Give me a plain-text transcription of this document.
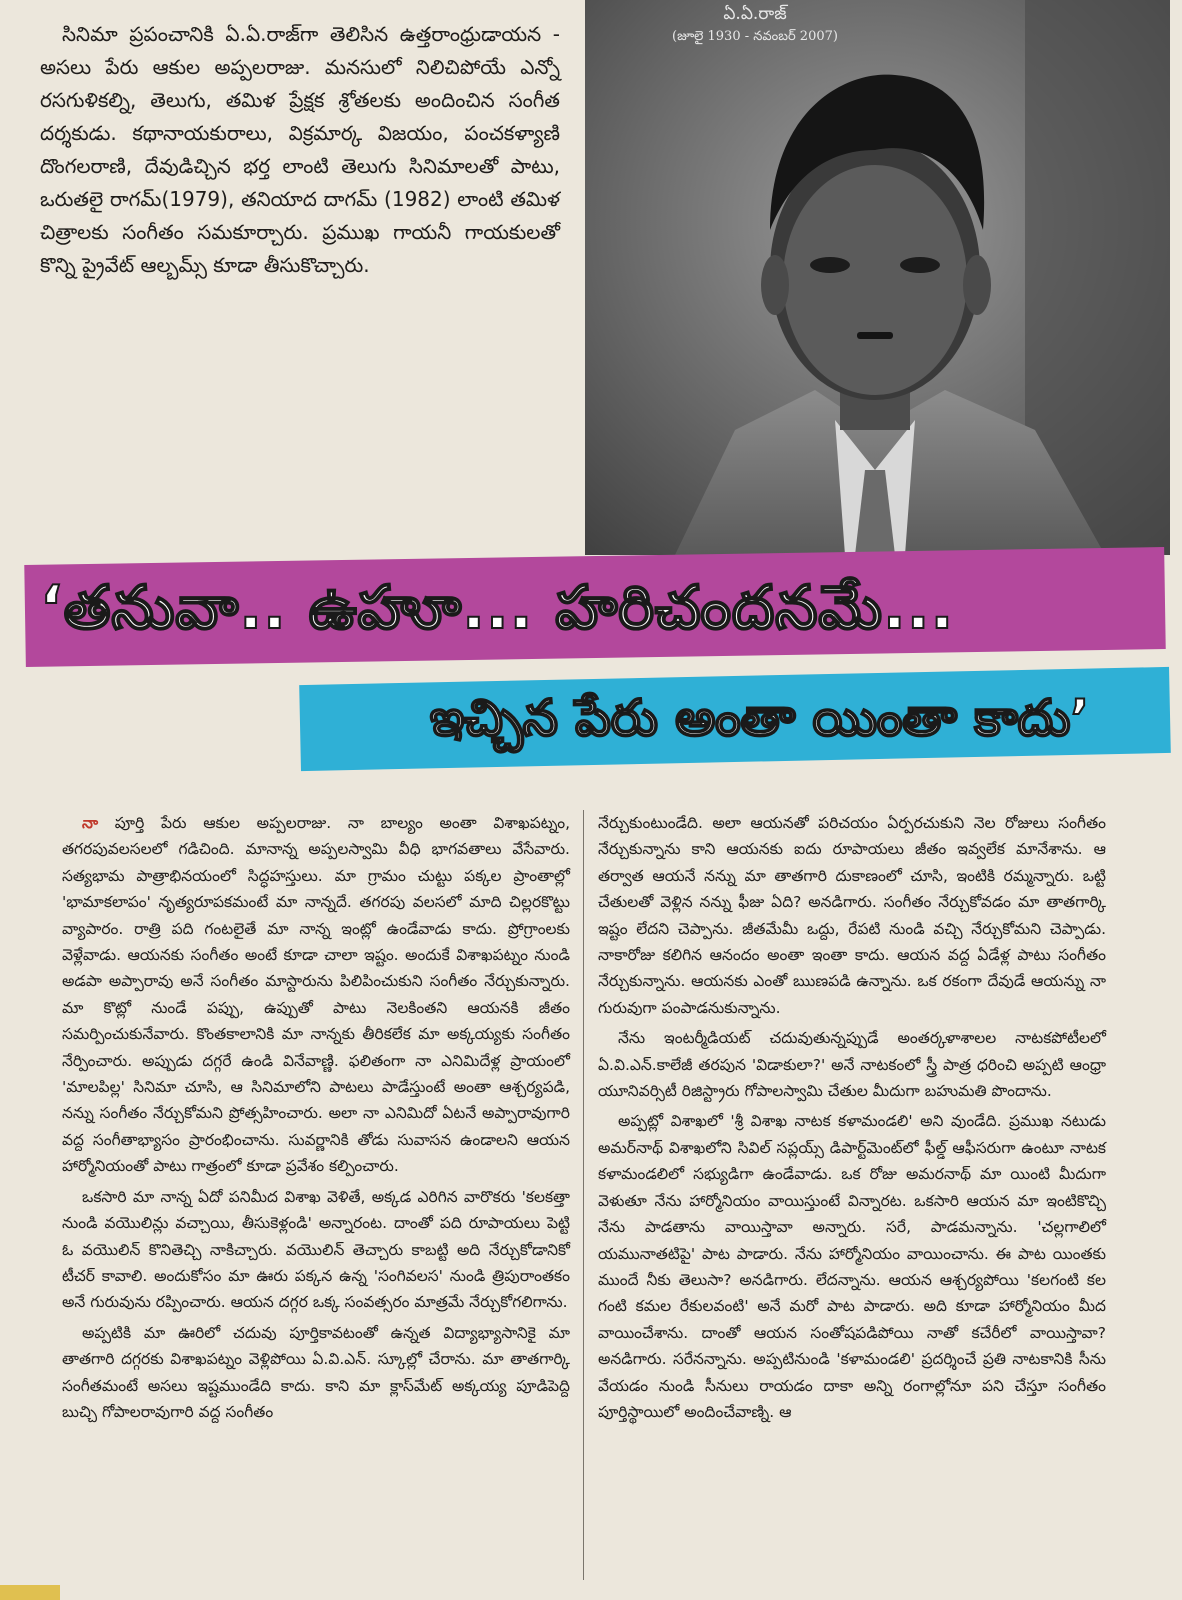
సినిమా ప్రపంచానికి ఏ.ఏ.రాజ్‌గా తెలిసిన ఉత్తరాంధ్రుడాయన - అసలు పేరు ఆకుల అప్పలరాజు. మనసులో నిలిచిపోయే ఎన్నో రసగుళికల్ని, తెలుగు, తమిళ ప్రేక్షక శ్రోతలకు అందించిన సంగీత దర్శకుడు. కథానాయకురాలు, విక్రమార్క విజయం, పంచకళ్యాణి దొంగలరాణి, దేవుడిచ్చిన భర్త లాంటి తెలుగు సినిమాలతో పాటు, ఒరుతలై రాగమ్(1979), తనియాద దాగమ్ (1982) లాంటి తమిళ చిత్రాలకు సంగీతం సమకూర్చారు. ప్రముఖ గాయనీ గాయకులతో కొన్ని ప్రైవేట్ ఆల్బమ్స్ కూడా తీసుకొచ్చారు.

ఏ.ఏ.రాజ్
(జూలై 1930 - నవంబర్ 2007)
‘తనువా.. ఉహూ... హరిచందనమే...
ఇచ్చిన పేరు అంతా యింతా కాదు’

నా పూర్తి పేరు ఆకుల అప్పలరాజు. నా బాల్యం అంతా విశాఖపట్నం, తగరపువలసలలో గడిచింది. మానాన్న అప్పలస్వామి వీధి భాగవతాలు వేసేవారు. సత్యభామ పాత్రాభినయంలో సిద్ధహస్తులు. మా గ్రామం చుట్టు పక్కల ప్రాంతాల్లో 'భామాకలాపం' నృత్యరూపకమంటే మా నాన్నదే. తగరపు వలసలో మాది చిల్లరకొట్టు వ్యాపారం. రాత్రి పది గంటలైతే మా నాన్న ఇంట్లో ఉండేవాడు కాదు. ప్రోగ్రాంలకు వెళ్లేవాడు. ఆయనకు సంగీతం అంటే కూడా చాలా ఇష్టం. అందుకే విశాఖపట్నం నుండి అడపా అప్పారావు అనే సంగీతం మాస్టారును పిలిపించుకుని సంగీతం నేర్చుకున్నారు. మా కొట్లో నుండే పప్పు, ఉప్పుతో పాటు నెలకింతని ఆయనకి జీతం సమర్పించుకునేవారు. కొంతకాలానికి మా నాన్నకు తీరికలేక మా అక్కయ్యకు సంగీతం నేర్పించారు. అప్పుడు దగ్గరే ఉండి వినేవాణ్ణి. ఫలితంగా నా ఎనిమిదేళ్ల ప్రాయంలో 'మాలపిల్ల' సినిమా చూసి, ఆ సినిమాలోని పాటలు పాడేస్తుంటే అంతా ఆశ్చర్యపడి, నన్ను సంగీతం నేర్చుకోమని ప్రోత్సహించారు. అలా నా ఎనిమిదో ఏటనే అప్పారావుగారి వద్ద సంగీతాభ్యాసం ప్రారంభించాను. సువర్ణానికి తోడు సువాసన ఉండాలని ఆయన హార్మోనియంతో పాటు గాత్రంలో కూడా ప్రవేశం కల్పించారు.

ఒకసారి మా నాన్న ఏదో పనిమీద విశాఖ వెళితే, అక్కడ ఎరిగిన వారొకరు 'కలకత్తా నుండి వయొలిన్లు వచ్చాయి, తీసుకెళ్లండి' అన్నారంట. దాంతో పది రూపాయలు పెట్టి ఓ వయొలిన్ కొనితెచ్చి నాకిచ్చారు. వయొలిన్ తెచ్చారు కాబట్టి అది నేర్చుకోడానికో టీచర్ కావాలి. అందుకోసం మా ఊరు పక్కన ఉన్న 'సంగివలస' నుండి త్రిపురాంతకం అనే గురువును రప్పించారు. ఆయన దగ్గర ఒక్క సంవత్సరం మాత్రమే నేర్చుకోగలిగాను.

అప్పటికి మా ఊరిలో చదువు పూర్తికావటంతో ఉన్నత విద్యాభ్యాసానికై మా తాతగారి దగ్గరకు విశాఖపట్నం వెళ్లిపోయి ఏ.వి.ఎన్. స్కూల్లో చేరాను. మా తాతగార్కి సంగీతమంటే అసలు ఇష్టముండేది కాదు. కాని మా క్లాస్‌మేట్ అక్కయ్య పూడిపెద్ది బుచ్చి గోపాలరావుగారి వద్ద సంగీతం

నేర్చుకుంటుండేది. అలా ఆయనతో పరిచయం ఏర్పరచుకుని నెల రోజులు సంగీతం నేర్చుకున్నాను కాని ఆయనకు ఐదు రూపాయలు జీతం ఇవ్వలేక మానేశాను. ఆ తర్వాత ఆయనే నన్ను మా తాతగారి దుకాణంలో చూసి, ఇంటికి రమ్మన్నారు. ఒట్టి చేతులతో వెళ్లిన నన్ను ఫీజు ఏది? అనడిగారు. సంగీతం నేర్చుకోవడం మా తాతగార్కి ఇష్టం లేదని చెప్పాను. జీతమేమీ ఒద్దు, రేపటి నుండి వచ్చి నేర్చుకోమని చెప్పాడు. నాకారోజు కలిగిన ఆనందం అంతా ఇంతా కాదు. ఆయన వద్ద ఏడేళ్ల పాటు సంగీతం నేర్చుకున్నాను. ఆయనకు ఎంతో ఋణపడి ఉన్నాను. ఒక రకంగా దేవుడే ఆయన్ను నా గురువుగా పంపాడనుకున్నాను.

నేను ఇంటర్మీడియట్ చదువుతున్నప్పుడే అంతర్కళాశాలల నాటకపోటీలలో ఏ.వి.ఎన్.కాలేజీ తరపున 'విడాకులా?' అనే నాటకంలో స్త్రీ పాత్ర ధరించి అప్పటి ఆంధ్రా యూనివర్సిటీ రిజిస్ట్రారు గోపాలస్వామి చేతుల మీదుగా బహుమతి పొందాను.

అప్పట్లో విశాఖలో 'శ్రీ విశాఖ నాటక కళామండలి' అని వుండేది. ప్రముఖ నటుడు అమర్‌నాథ్ విశాఖలోని సివిల్ సప్లయ్స్ డిపార్ట్‌మెంట్‌లో ఫీల్డ్ ఆఫీసరుగా ఉంటూ నాటక కళామండలిలో సభ్యుడిగా ఉండేవాడు. ఒక రోజు అమరనాథ్ మా యింటి మీదుగా వెళుతూ నేను హార్మోనియం వాయిస్తుంటే విన్నారట. ఒకసారి ఆయన మా ఇంటికొచ్చి నేను పాడతాను వాయిస్తావా అన్నారు. సరే, పాడమన్నాను. 'చల్లగాలిలో యమునాతటిపై' పాట పాడారు. నేను హార్మోనియం వాయించాను. ఈ పాట యింతకు ముందే నీకు తెలుసా? అనడిగారు. లేదన్నాను. ఆయన ఆశ్చర్యపోయి 'కలగంటి కల గంటి కమల రేకులవంటి' అనే మరో పాట పాడారు. అది కూడా హార్మోనియం మీద వాయించేశాను. దాంతో ఆయన సంతోషపడిపోయి నాతో కచేరీలో వాయిస్తావా? అనడిగారు. సరేనన్నాను. అప్పటినుండి 'కళామండలి' ప్రదర్శించే ప్రతి నాటకానికి సీను వేయడం నుండి సీనులు రాయడం దాకా అన్ని రంగాల్లోనూ పని చేస్తూ సంగీతం పూర్తిస్థాయిలో అందించేవాణ్ని. ఆ
